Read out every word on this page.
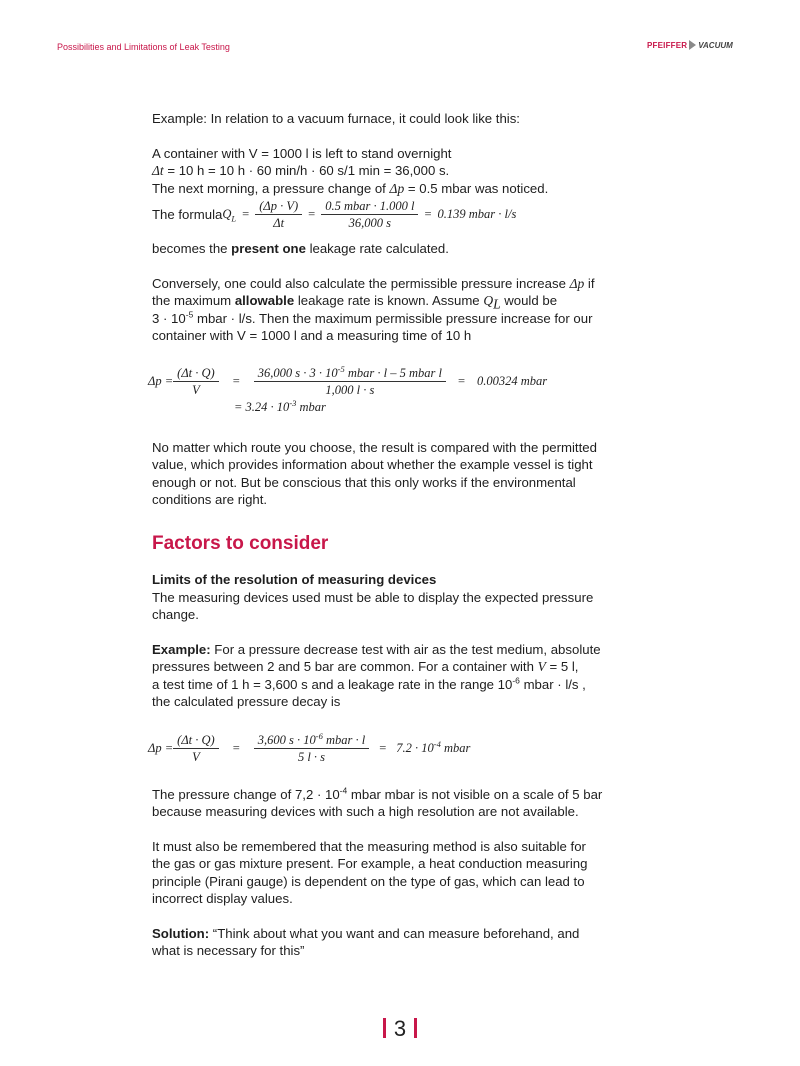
Possibilities and Limitations of Leak Testing	PFEIFFER VACUUM

Example: In relation to a vacuum furnace, it could look like this:

A container with V = 1000 l is left to stand overnight

Δt = 10 h = 10 h · 60 min/h · 60 s/1 min = 36,000 s.

The next morning, a pressure change of Δp = 0.5 mbar was noticed.

The formula $Q_L = \frac{(\Delta p \cdot V)}{\Delta t} = \frac{\text{0.5 mbar · 1.000 l}}{36,000 s} = 0.139$ mbar · l/s

becomes the present one leakage rate calculated.

Conversely, one could also calculate the permissible pressure increase Δp if

the maximum allowable leakage rate is known. Assume $Q_L$ would be

$3 \cdot 10^{-5}$ mbar · l/s. Then the maximum permissible pressure increase for our

container with V = 1000 l and a measuring time of 10 h

$\Delta p = \frac{(\Delta t \cdot Q)}{V} = \frac{36,000 s \cdot 3 \cdot 10^{-5} mbar \cdot l - 5 mbar l}{1,000 l \cdot s} = 0.00324$ mbar
= $3.24 \cdot 10^{-3}$ mbar

No matter which route you choose, the result is compared with the permitted

value, which provides information about whether the example vessel is tight

enough or not. But be conscious that this only works if the environmental

conditions are right.

Factors to consider

Limits of the resolution of measuring devices

The measuring devices used must be able to display the expected pressure

change.

Example: For a pressure decrease test with air as the test medium, absolute

pressures between 2 and 5 bar are common. For a container with V = 5 l,

a test time of 1 h = 3,600 s and a leakage rate in the range $10^{-6}$ mbar · l/s ,

the calculated pressure decay is

$\Delta p = \frac{(\Delta t \cdot Q)}{V} = \frac{3,600 s \cdot 10^{-6} mbar \cdot l}{5 l \cdot s} = 7.2 \cdot 10^{-4}$ mbar

The pressure change of $7,2 \cdot 10^{-4}$ mbar mbar is not visible on a scale of 5 bar

because measuring devices with such a high resolution are not available.

It must also be remembered that the measuring method is also suitable for

the gas or gas mixture present. For example, a heat conduction measuring

principle (Pirani gauge) is dependent on the type of gas, which can lead to

incorrect display values.

Solution: “Think about what you want and can measure beforehand, and

what is necessary for this”

3
